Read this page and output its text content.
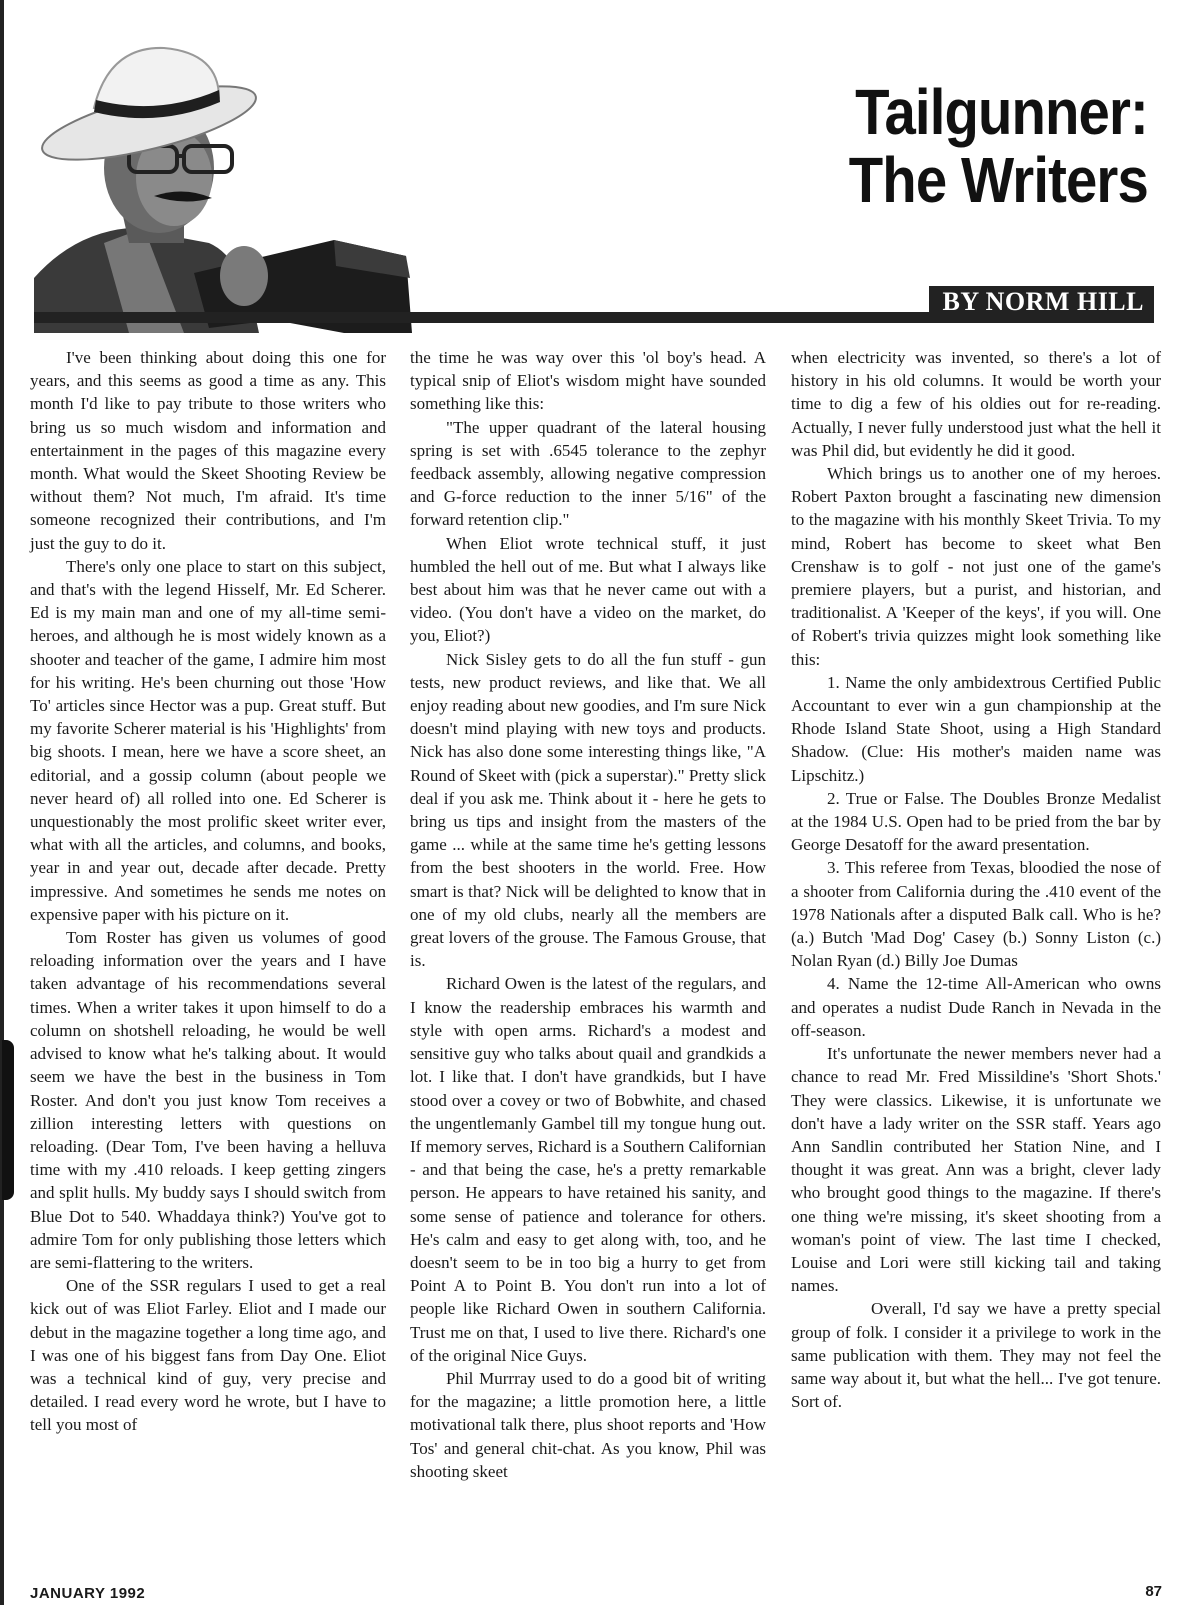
Tailgunner:
The Writers
BY NORM HILL

I've been thinking about doing this one for years, and this seems as good a time as any. This month I'd like to pay tribute to those writers who bring us so much wisdom and information and entertainment in the pages of this magazine every month. What would the Skeet Shooting Review be without them? Not much, I'm afraid. It's time someone recognized their contributions, and I'm just the guy to do it.

There's only one place to start on this subject, and that's with the legend Hisself, Mr. Ed Scherer. Ed is my main man and one of my all-time semi-heroes, and although he is most widely known as a shooter and teacher of the game, I admire him most for his writing. He's been churning out those 'How To' articles since Hector was a pup. Great stuff. But my favorite Scherer material is his 'Highlights' from big shoots. I mean, here we have a score sheet, an editorial, and a gossip column (about people we never heard of) all rolled into one. Ed Scherer is unquestionably the most prolific skeet writer ever, what with all the articles, and columns, and books, year in and year out, decade after decade. Pretty impressive. And sometimes he sends me notes on expensive paper with his picture on it.

Tom Roster has given us volumes of good reloading information over the years and I have taken advantage of his recommendations several times. When a writer takes it upon himself to do a column on shotshell reloading, he would be well advised to know what he's talking about. It would seem we have the best in the business in Tom Roster. And don't you just know Tom receives a zillion interesting letters with questions on reloading. (Dear Tom, I've been having a helluva time with my .410 reloads. I keep getting zingers and split hulls. My buddy says I should switch from Blue Dot to 540. Whaddaya think?) You've got to admire Tom for only publishing those letters which are semi-flattering to the writers.

One of the SSR regulars I used to get a real kick out of was Eliot Farley. Eliot and I made our debut in the magazine together a long time ago, and I was one of his biggest fans from Day One. Eliot was a technical kind of guy, very precise and detailed. I read every word he wrote, but I have to tell you most of

the time he was way over this 'ol boy's head. A typical snip of Eliot's wisdom might have sounded something like this:

"The upper quadrant of the lateral housing spring is set with .6545 tolerance to the zephyr feedback assembly, allowing negative compression and G-force reduction to the inner 5/16" of the forward retention clip."

When Eliot wrote technical stuff, it just humbled the hell out of me. But what I always like best about him was that he never came out with a video. (You don't have a video on the market, do you, Eliot?)

Nick Sisley gets to do all the fun stuff - gun tests, new product reviews, and like that. We all enjoy reading about new goodies, and I'm sure Nick doesn't mind playing with new toys and products. Nick has also done some interesting things like, "A Round of Skeet with (pick a superstar)." Pretty slick deal if you ask me. Think about it - here he gets to bring us tips and insight from the masters of the game ... while at the same time he's getting lessons from the best shooters in the world. Free. How smart is that? Nick will be delighted to know that in one of my old clubs, nearly all the members are great lovers of the grouse. The Famous Grouse, that is.

Richard Owen is the latest of the regulars, and I know the readership embraces his warmth and style with open arms. Richard's a modest and sensitive guy who talks about quail and grandkids a lot. I like that. I don't have grandkids, but I have stood over a covey or two of Bobwhite, and chased the ungentlemanly Gambel till my tongue hung out. If memory serves, Richard is a Southern Californian - and that being the case, he's a pretty remarkable person. He appears to have retained his sanity, and some sense of patience and tolerance for others. He's calm and easy to get along with, too, and he doesn't seem to be in too big a hurry to get from Point A to Point B. You don't run into a lot of people like Richard Owen in southern California. Trust me on that, I used to live there. Richard's one of the original Nice Guys.

Phil Murrray used to do a good bit of writing for the magazine; a little promotion here, a little motivational talk there, plus shoot reports and 'How Tos' and general chit-chat. As you know, Phil was shooting skeet

when electricity was invented, so there's a lot of history in his old columns. It would be worth your time to dig a few of his oldies out for re-reading. Actually, I never fully understood just what the hell it was Phil did, but evidently he did it good.

Which brings us to another one of my heroes. Robert Paxton brought a fascinating new dimension to the magazine with his monthly Skeet Trivia. To my mind, Robert has become to skeet what Ben Crenshaw is to golf - not just one of the game's premiere players, but a purist, and historian, and traditionalist. A 'Keeper of the keys', if you will. One of Robert's trivia quizzes might look something like this:

1. Name the only ambidextrous Certified Public Accountant to ever win a gun championship at the Rhode Island State Shoot, using a High Standard Shadow. (Clue: His mother's maiden name was Lipschitz.)

2. True or False. The Doubles Bronze Medalist at the 1984 U.S. Open had to be pried from the bar by George Desatoff for the award presentation.

3. This referee from Texas, bloodied the nose of a shooter from California during the .410 event of the 1978 Nationals after a disputed Balk call. Who is he? (a.) Butch 'Mad Dog' Casey (b.) Sonny Liston (c.) Nolan Ryan (d.) Billy Joe Dumas

4. Name the 12-time All-American who owns and operates a nudist Dude Ranch in Nevada in the off-season.

It's unfortunate the newer members never had a chance to read Mr. Fred Missildine's 'Short Shots.' They were classics. Likewise, it is unfortunate we don't have a lady writer on the SSR staff. Years ago Ann Sandlin contributed her Station Nine, and I thought it was great. Ann was a bright, clever lady who brought good things to the magazine. If there's one thing we're missing, it's skeet shooting from a woman's point of view. The last time I checked, Louise and Lori were still kicking tail and taking names.

Overall, I'd say we have a pretty special group of folk. I consider it a privilege to work in the same publication with them. They may not feel the same way about it, but what the hell... I've got tenure. Sort of.

JANUARY 1992	87
